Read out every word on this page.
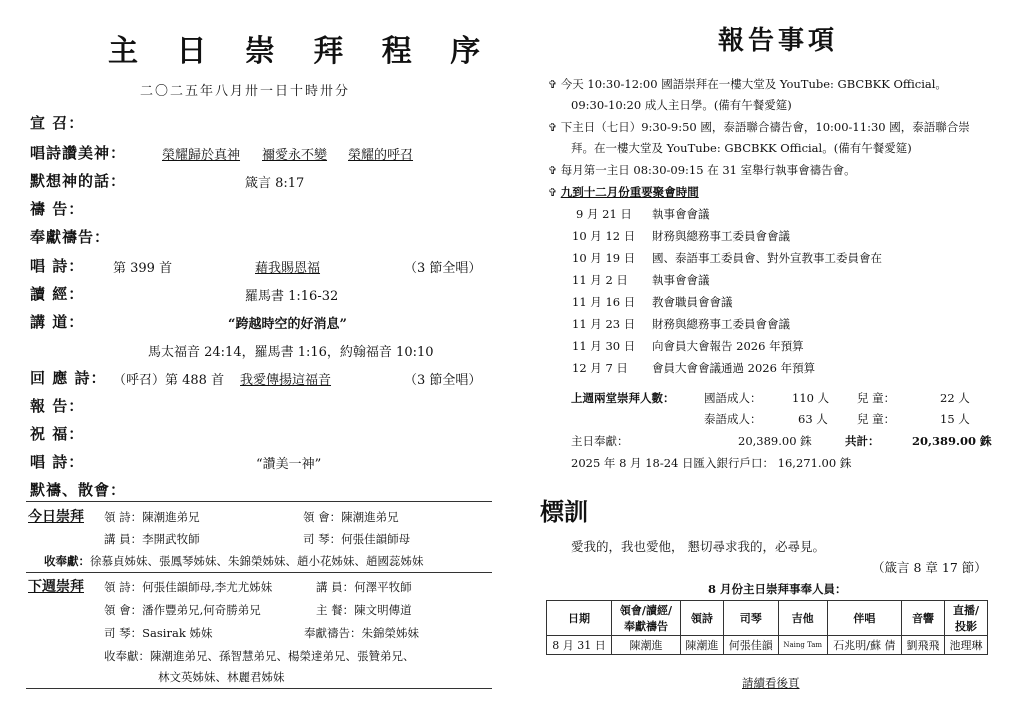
主 日 崇 拜 程 序
二〇二五年八月卅一日十時卅分
宣 召：
唱詩讚美神：	榮耀歸於真神 禰愛永不變 榮耀的呼召
默想神的話：	箴言 8:17
禱 告：
奉獻禱告：
唱 詩： 第 399 首	藉我賜恩福	（3 節全唱）
讀 經：	羅馬書 1:16-32
講 道：	“跨越時空的好消息”
馬太福音 24:14，羅馬書 1:16，約翰福音 10:10
回 應 詩： （呼召）第 488 首 我愛傳揚這福音	（3 節全唱）
報 告：
祝 福：
唱 詩：	“讚美一神”
默禱、散會：
今日崇拜 領 詩：陳潮進弟兄	領 會：陳潮進弟兄
講 員：李開武牧師	司 琴：何張佳韻師母
收奉獻：徐慕貞姊妹、張鳳琴姊妹、朱錦榮姊妹、趙小花姊妹、趙國蕊姊妹
下週崇拜 領 詩：何張佳韻師母,李尤尤姊妹	講 員：何澤平牧師
領 會：潘作豐弟兄,何奇勝弟兄	主 餐：陳文明傳道
司 琴：Sasirak 姊妹	奉獻禱告：朱錦榮姊妹
收奉獻：陳潮進弟兄、孫智慧弟兄、楊榮達弟兄、張贊弟兄、
林文英姊妹、林麗君姊妹
報告事項
✞ 今天 10:30-12:00 國語崇拜在一樓大堂及 YouTube: GBCBKK Official。
09:30-10:20 成人主日學。(備有午餐愛筵)
✞ 下主日（七日）9:30-9:50 國，泰語聯合禱告會，10:00-11:30 國，泰語聯合崇
拜。在一樓大堂及 YouTube: GBCBKK Official。(備有午餐愛筵)
✞ 每月第一主日 08:30-09:15 在 31 室舉行執事會禱告會。
✞ 九到十二月份重要聚會時間
9 月 21 日 執事會會議
10 月 12 日 財務與總務事工委員會會議
10 月 19 日 國、泰語事工委員會、對外宣教事工委員會在
11 月 2 日 執事會會議
11 月 16 日 教會職員會會議
11 月 23 日 財務與總務事工委員會會議
11 月 30 日 向會員大會報告 2026 年預算
12 月 7 日 會員大會會議通過 2026 年預算
上週兩堂崇拜人數：	國語成人：	110 人 兒 童：	22 人
泰語成人：	63 人	兒 童：	15 人
主日奉獻：	20,389.00 銖	共計：	20,389.00 銖
2025 年 8 月 18-24 日匯入銀行戶口： 16,271.00 銖
標訓
愛我的，我也愛他， 懇切尋求我的，必尋見。
（箴言 8 章 17 節）
8 月份主日崇拜事奉人員：
日期	領會/讀經/奉獻禱告	領詩	司琴	吉他	伴唱	音響	直播/投影
8 月 31 日	陳潮進	陳潮進	何張佳韻	Naing Tam	石兆明/蘇 倩	劉飛飛	池理琳
請續看後頁
